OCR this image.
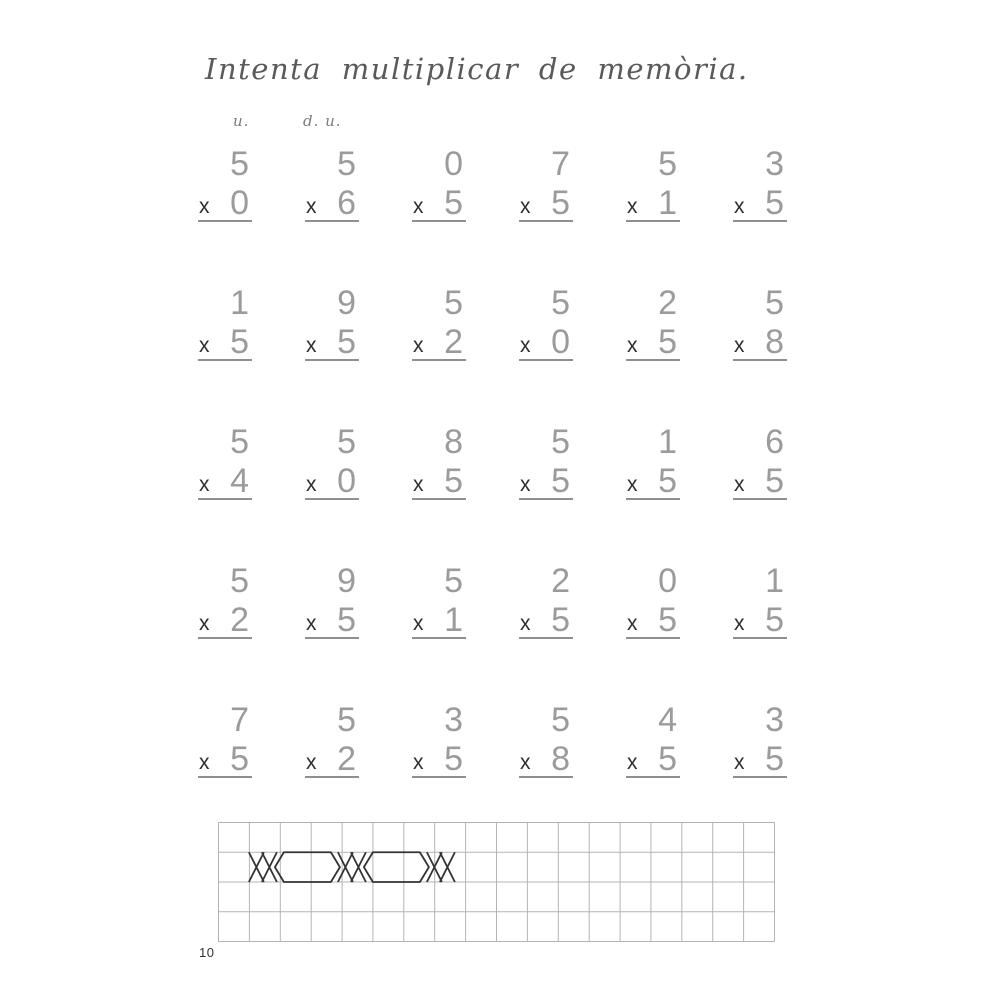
Intenta multiplicar de memòria.
u.	d. u.
5
x 0
5
x 6
0
x 5
7
x 5
5
x 1
3
x 5
1
x 5
9
x 5
5
x 2
5
x 0
2
x 5
5
x 8
5
x 4
5
x 0
8
x 5
5
x 5
1
x 5
6
x 5
5
x 2
9
x 5
5
x 1
2
x 5
0
x 5
1
x 5
7
x 5
5
x 2
3
x 5
5
x 8
4
x 5
3
x 5
10
